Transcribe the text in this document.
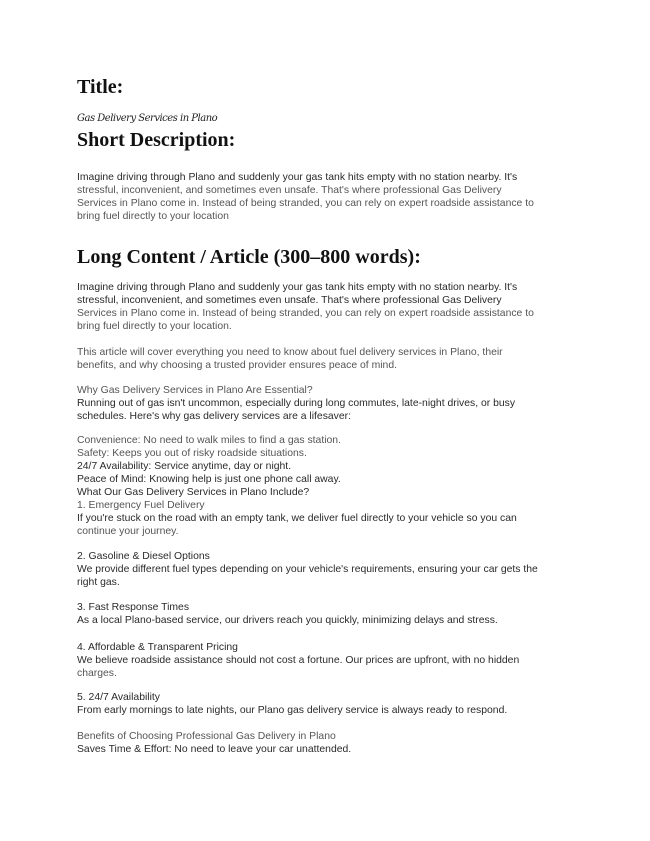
Title:
Gas Delivery Services in Plano
Short Description:
Imagine driving through Plano and suddenly your gas tank hits empty with no station nearby. It's
stressful, inconvenient, and sometimes even unsafe. That's where professional Gas Delivery
Services in Plano come in. Instead of being stranded, you can rely on expert roadside assistance to
bring fuel directly to your location
Long Content / Article (300–800 words):
Imagine driving through Plano and suddenly your gas tank hits empty with no station nearby. It's
stressful, inconvenient, and sometimes even unsafe. That's where professional Gas Delivery
Services in Plano come in. Instead of being stranded, you can rely on expert roadside assistance to
bring fuel directly to your location.
This article will cover everything you need to know about fuel delivery services in Plano, their
benefits, and why choosing a trusted provider ensures peace of mind.
Why Gas Delivery Services in Plano Are Essential?
Running out of gas isn't uncommon, especially during long commutes, late-night drives, or busy
schedules. Here's why gas delivery services are a lifesaver:
Convenience: No need to walk miles to find a gas station.
Safety: Keeps you out of risky roadside situations.
24/7 Availability: Service anytime, day or night.
Peace of Mind: Knowing help is just one phone call away.
What Our Gas Delivery Services in Plano Include?
1. Emergency Fuel Delivery
If you're stuck on the road with an empty tank, we deliver fuel directly to your vehicle so you can
continue your journey.
2. Gasoline & Diesel Options
We provide different fuel types depending on your vehicle's requirements, ensuring your car gets the
right gas.
3. Fast Response Times
As a local Plano-based service, our drivers reach you quickly, minimizing delays and stress.
4. Affordable & Transparent Pricing
We believe roadside assistance should not cost a fortune. Our prices are upfront, with no hidden
charges.
5. 24/7 Availability
From early mornings to late nights, our Plano gas delivery service is always ready to respond.
Benefits of Choosing Professional Gas Delivery in Plano
Saves Time & Effort: No need to leave your car unattended.
